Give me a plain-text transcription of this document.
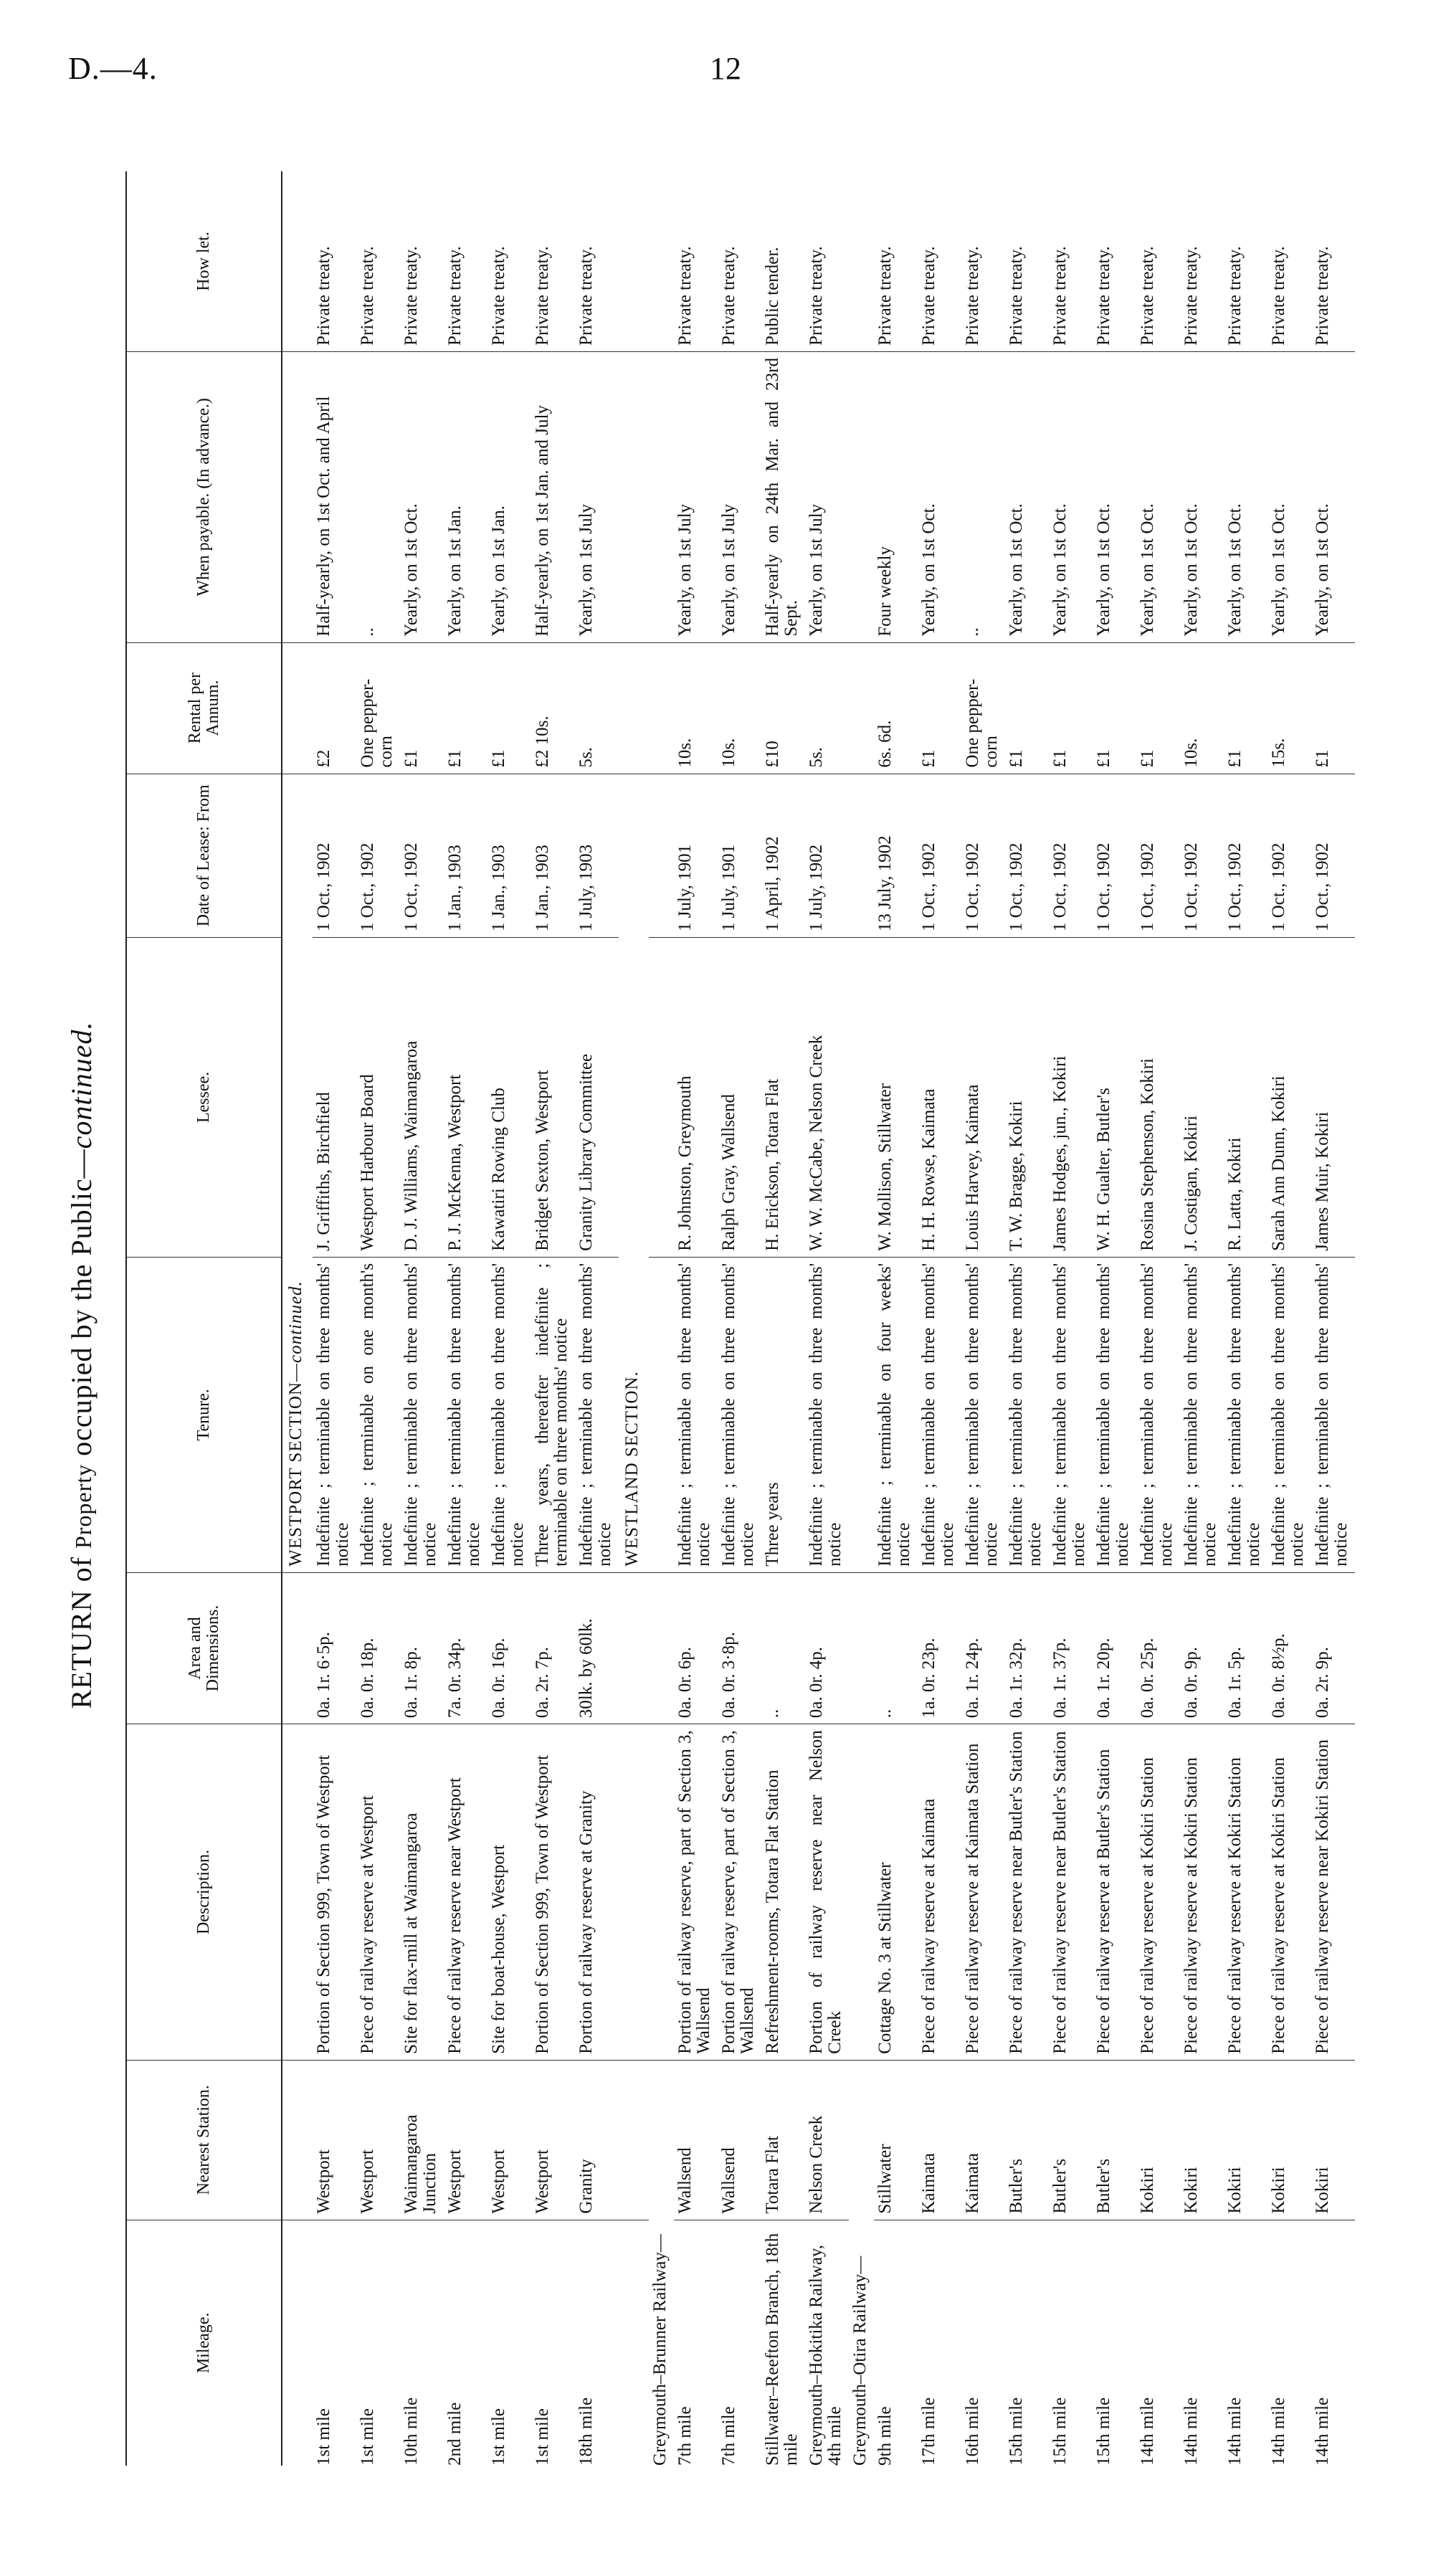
D.—4.	12
RETURN of Property occupied by the Public—continued.
Mileage.	Nearest Station.	Description.	Area and Dimensions.	Tenure.	Lessee.	Date of Lease: From	Rental per Annum.	When payable. (In advance.)	How let.
				WESTPORT SECTION—continued.					
1st mile	Westport	Portion of Section 999, Town of Westport	0a. 1r. 6·5p.	Indefinite ; terminable on three months' notice	J. Griffiths, Birchfield	1 Oct., 1902	£2	Half-yearly, on 1st Oct. and April	Private treaty.
1st mile	Westport	Piece of railway reserve at Westport	0a. 0r. 18p.	Indefinite ; terminable on one month's notice	Westport Harbour Board	1 Oct., 1902	One pepper-corn	..	Private treaty.
10th mile	Waimangaroa Junction	Site for flax-mill at Waimangaroa	0a. 1r. 8p.	Indefinite ; terminable on three months' notice	D. J. Williams, Waimangaroa	1 Oct., 1902	£1	Yearly, on 1st Oct.	Private treaty.
2nd mile	Westport	Piece of railway reserve near Westport	7a. 0r. 34p.	Indefinite ; terminable on three months' notice	P. J. McKenna, Westport	1 Jan., 1903	£1	Yearly, on 1st Jan.	Private treaty.
1st mile	Westport	Site for boat-house, Westport	0a. 0r. 16p.	Indefinite ; terminable on three months' notice	Kawatiri Rowing Club	1 Jan., 1903	£1	Yearly, on 1st Jan.	Private treaty.
1st mile	Westport	Portion of Section 999, Town of Westport	0a. 2r. 7p.	Three years, thereafter indefinite ; terminable on three months' notice	Bridget Sexton, Westport	1 Jan., 1903	£2 10s.	Half-yearly, on 1st Jan. and July	Private treaty.
18th mile	Granity	Portion of railway reserve at Granity	30lk. by 60lk.	Indefinite ; terminable on three months' notice	Granity Library Committee	1 July, 1903	5s.	Yearly, on 1st July	Private treaty.
				WESTLAND SECTION.					
Greymouth–Brunner Railway—									
7th mile	Wallsend	Portion of railway reserve, part of Section 3, Wallsend	0a. 0r. 6p.	Indefinite ; terminable on three months' notice	R. Johnston, Greymouth	1 July, 1901	10s.	Yearly, on 1st July	Private treaty.
7th mile	Wallsend	Portion of railway reserve, part of Section 3, Wallsend	0a. 0r. 3·8p.	Indefinite ; terminable on three months' notice	Ralph Gray, Wallsend	1 July, 1901	10s.	Yearly, on 1st July	Private treaty.
Stillwater–Reefton Branch, 18th mile	Totara Flat	Refreshment-rooms, Totara Flat Station	..	Three years	H. Erickson, Totara Flat	1 April, 1902	£10	Half-yearly on 24th Mar. and 23rd Sept.	Public tender.
Greymouth–Hokitika Railway, 4th mile	Nelson Creek	Portion of railway reserve near Nelson Creek	0a. 0r. 4p.	Indefinite ; terminable on three months' notice	W. W. McCabe, Nelson Creek	1 July, 1902	5s.	Yearly, on 1st July	Private treaty.
Greymouth–Otira Railway—									
9th mile	Stillwater	Cottage No. 3 at Stillwater	..	Indefinite ; terminable on four weeks' notice	W. Mollison, Stillwater	13 July, 1902	6s. 6d.	Four weekly	Private treaty.
17th mile	Kaimata	Piece of railway reserve at Kaimata	1a. 0r. 23p.	Indefinite ; terminable on three months' notice	H. H. Rowse, Kaimata	1 Oct., 1902	£1	Yearly, on 1st Oct.	Private treaty.
16th mile	Kaimata	Piece of railway reserve at Kaimata Station	0a. 1r. 24p.	Indefinite ; terminable on three months' notice	Louis Harvey, Kaimata	1 Oct., 1902	One pepper-corn	..	Private treaty.
15th mile	Butler's	Piece of railway reserve near Butler's Station	0a. 1r. 32p.	Indefinite ; terminable on three months' notice	T. W. Bragge, Kokiri	1 Oct., 1902	£1	Yearly, on 1st Oct.	Private treaty.
15th mile	Butler's	Piece of railway reserve near Butler's Station	0a. 1r. 37p.	Indefinite ; terminable on three months' notice	James Hodges, jun., Kokiri	1 Oct., 1902	£1	Yearly, on 1st Oct.	Private treaty.
15th mile	Butler's	Piece of railway reserve at Butler's Station	0a. 1r. 20p.	Indefinite ; terminable on three months' notice	W. H. Gualter, Butler's	1 Oct., 1902	£1	Yearly, on 1st Oct.	Private treaty.
14th mile	Kokiri	Piece of railway reserve at Kokiri Station	0a. 0r. 25p.	Indefinite ; terminable on three months' notice	Rosina Stephenson, Kokiri	1 Oct., 1902	£1	Yearly, on 1st Oct.	Private treaty.
14th mile	Kokiri	Piece of railway reserve at Kokiri Station	0a. 0r. 9p.	Indefinite ; terminable on three months' notice	J. Costigan, Kokiri	1 Oct., 1902	10s.	Yearly, on 1st Oct.	Private treaty.
14th mile	Kokiri	Piece of railway reserve at Kokiri Station	0a. 1r. 5p.	Indefinite ; terminable on three months' notice	R. Latta, Kokiri	1 Oct., 1902	£1	Yearly, on 1st Oct.	Private treaty.
14th mile	Kokiri	Piece of railway reserve at Kokiri Station	0a. 0r. 8½p.	Indefinite ; terminable on three months' notice	Sarah Ann Dunn, Kokiri	1 Oct., 1902	15s.	Yearly, on 1st Oct.	Private treaty.
14th mile	Kokiri	Piece of railway reserve near Kokiri Station	0a. 2r. 9p.	Indefinite ; terminable on three months' notice	James Muir, Kokiri	1 Oct., 1902	£1	Yearly, on 1st Oct.	Private treaty.
